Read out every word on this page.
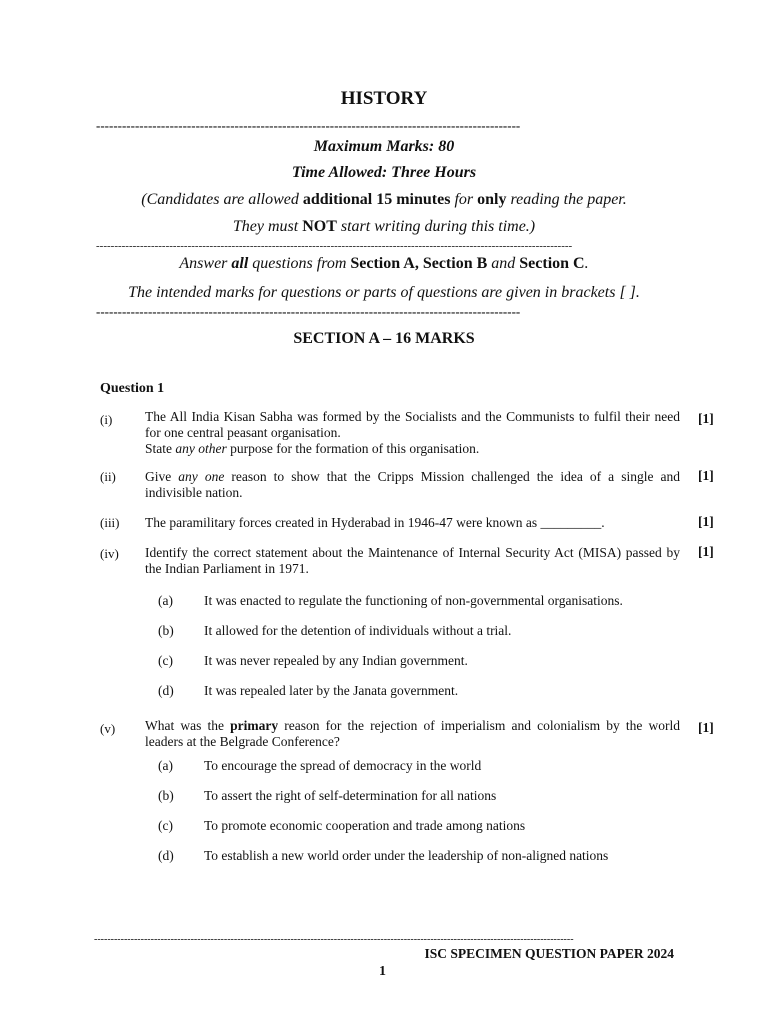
HISTORY
--------------------------------------------------------------------------------------------------
Maximum Marks: 80
Time Allowed: Three Hours
(Candidates are allowed additional 15 minutes for only reading the paper.
They must NOT start writing during this time.)
----------------------------------------------------------------------------------------------------------------------------------
Answer all questions from Section A, Section B and Section C.
The intended marks for questions or parts of questions are given in brackets [ ].
--------------------------------------------------------------------------------------------------
SECTION A – 16 MARKS
Question 1
(i) The All India Kisan Sabha was formed by the Socialists and the Communists to fulfil their need for one central peasant organisation.
State any other purpose for the formation of this organisation.
[1]
(ii) Give any one reason to show that the Cripps Mission challenged the idea of a single and indivisible nation.
[1]
(iii) The paramilitary forces created in Hyderabad in 1946-47 were known as _________.	[1]
(iv) Identify the correct statement about the Maintenance of Internal Security Act (MISA) passed by the Indian Parliament in 1971.
[1]
(a) It was enacted to regulate the functioning of non-governmental organisations.
(b) It allowed for the detention of individuals without a trial.
(c) It was never repealed by any Indian government.
(d) It was repealed later by the Janata government.
(v) What was the primary reason for the rejection of imperialism and colonialism by the world leaders at the Belgrade Conference?
[1]
(a) To encourage the spread of democracy in the world
(b) To assert the right of self-determination for all nations
(c) To promote economic cooperation and trade among nations
(d) To establish a new world order under the leadership of non-aligned nations
------------------------------------------------------------------------------------------------------------------------------------------------
ISC SPECIMEN QUESTION PAPER 2024
1
